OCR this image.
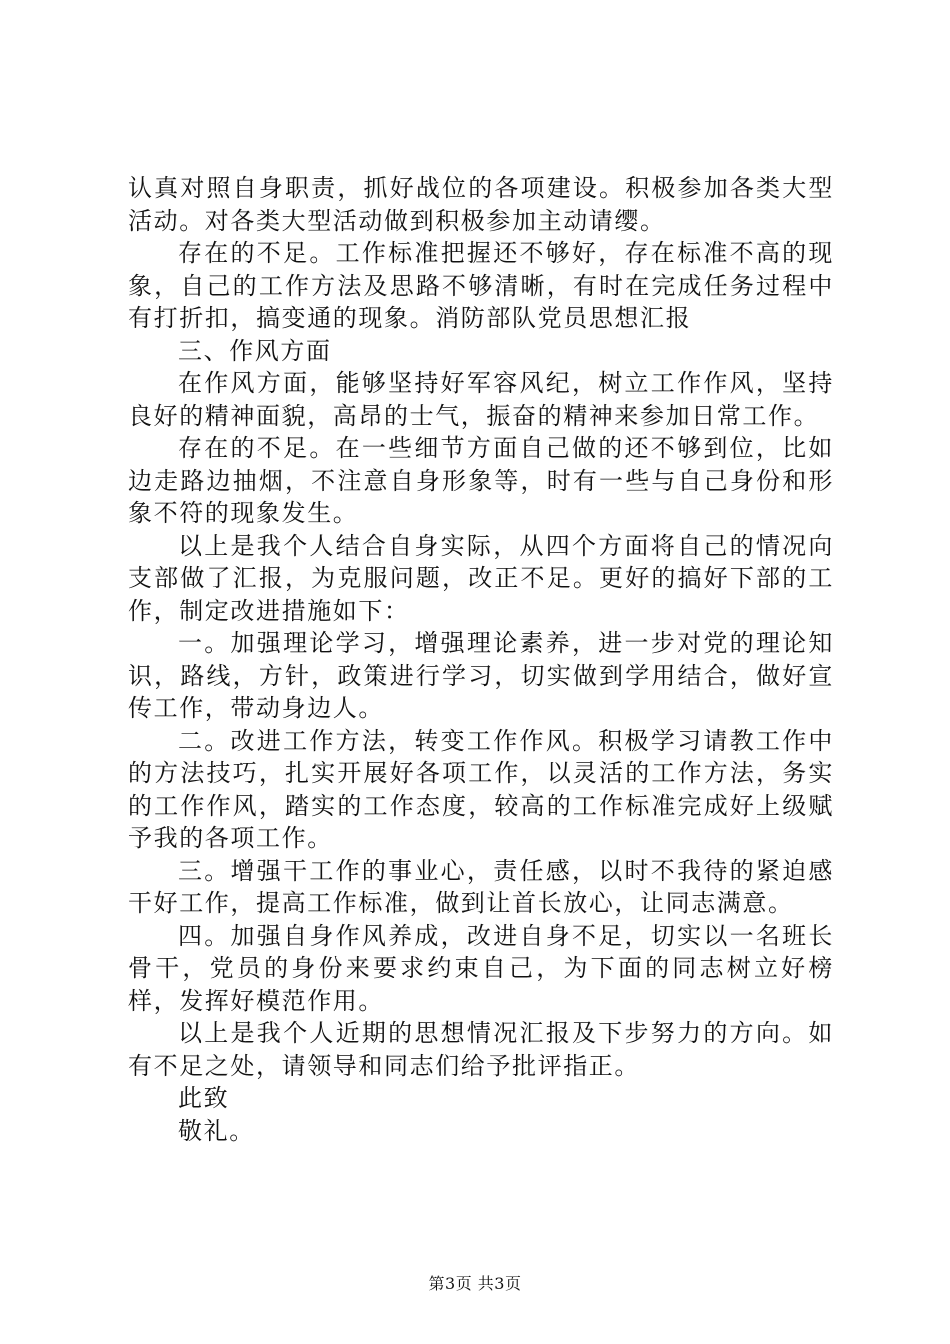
认真对照自身职责，抓好战位的各项建设。积极参加各类大型活动。对各类大型活动做到积极参加主动请缨。

存在的不足。工作标准把握还不够好，存在标准不高的现象，自己的工作方法及思路不够清晰，有时在完成任务过程中有打折扣，搞变通的现象。消防部队党员思想汇报

三、作风方面

在作风方面，能够坚持好军容风纪，树立工作作风，坚持良好的精神面貌，高昂的士气，振奋的精神来参加日常工作。

存在的不足。在一些细节方面自己做的还不够到位，比如边走路边抽烟，不注意自身形象等，时有一些与自己身份和形象不符的现象发生。

以上是我个人结合自身实际，从四个方面将自己的情况向支部做了汇报，为克服问题，改正不足。更好的搞好下部的工作，制定改进措施如下：

一。加强理论学习，增强理论素养，进一步对党的理论知识，路线，方针，政策进行学习，切实做到学用结合，做好宣传工作，带动身边人。

二。改进工作方法，转变工作作风。积极学习请教工作中的方法技巧，扎实开展好各项工作，以灵活的工作方法，务实的工作作风，踏实的工作态度，较高的工作标准完成好上级赋予我的各项工作。

三。增强干工作的事业心，责任感，以时不我待的紧迫感干好工作，提高工作标准，做到让首长放心，让同志满意。

四。加强自身作风养成，改进自身不足，切实以一名班长骨干，党员的身份来要求约束自己，为下面的同志树立好榜样，发挥好模范作用。

以上是我个人近期的思想情况汇报及下步努力的方向。如有不足之处，请领导和同志们给予批评指正。

此致

敬礼。

第3页 共3页
